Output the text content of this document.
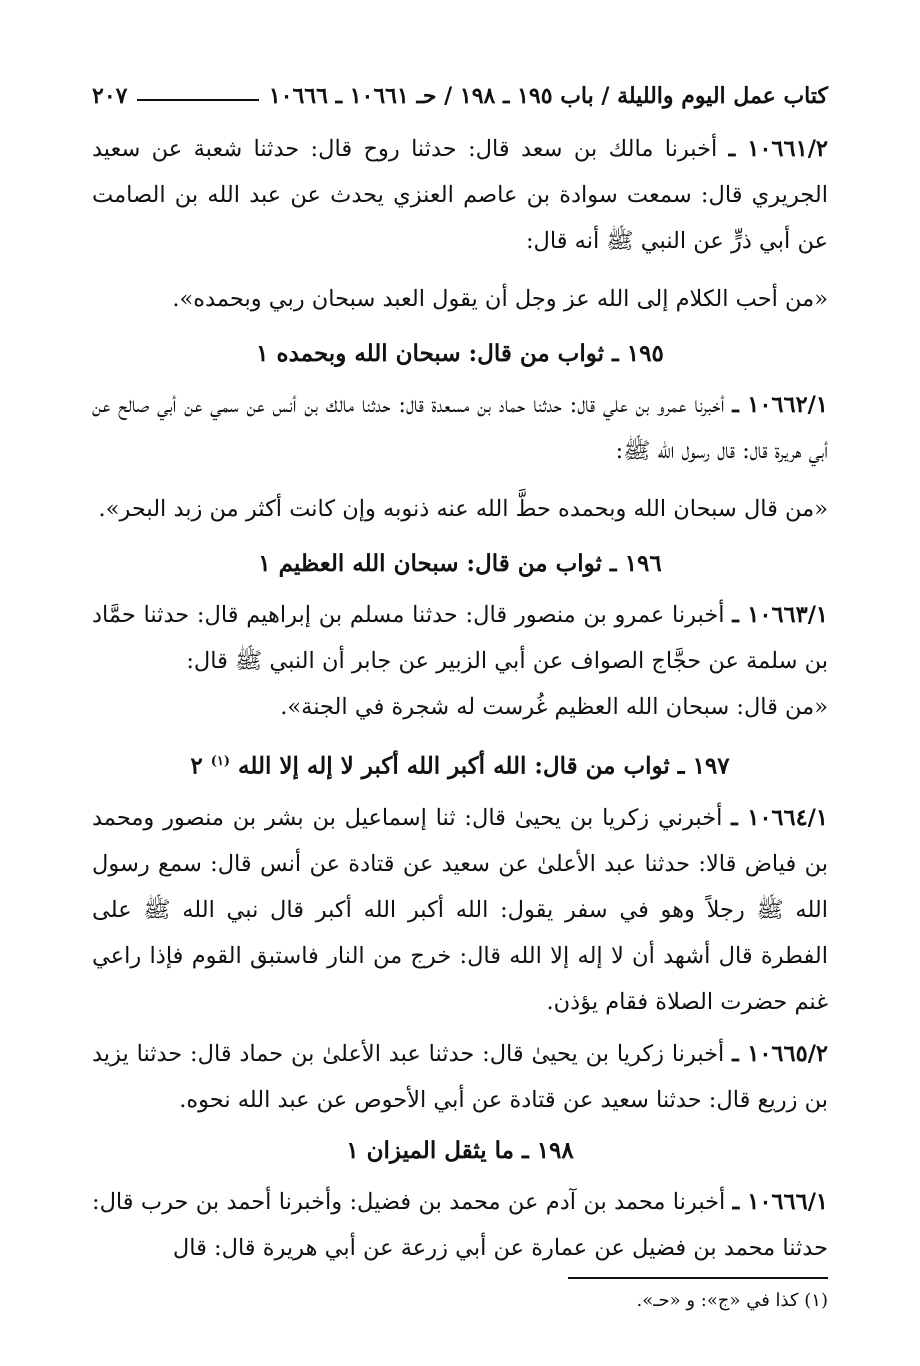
كتاب عمل اليوم والليلة / باب ١٩٥ ـ ١٩٨ / حـ ١٠٦٦١ ـ ١٠٦٦٦
٢٠٧

١٠٦٦١/٢ ـ أخبرنا مالك بن سعد قال: حدثنا روح قال: حدثنا شعبة عن سعيد الجريري قال: سمعت سوادة بن عاصم العنزي يحدث عن عبد الله بن الصامت عن أبي ذرٍّ عن النبي ﷺ أنه قال:

«من أحب الكلام إلى الله عز وجل أن يقول العبد سبحان ربي وبحمده».

١٩٥ ـ ثواب من قال: سبحان الله وبحمده ١

١٠٦٦٢/١ ـ أخبرنا عمرو بن علي قال: حدثنا حماد بن مسعدة قال: حدثنا مالك بن أنس عن سمي عن أبي صالح عن أبي هريرة قال: قال رسول الله ﷺ:

«من قال سبحان الله وبحمده حطَّ الله عنه ذنوبه وإن كانت أكثر من زبد البحر».

١٩٦ ـ ثواب من قال: سبحان الله العظيم ١

١٠٦٦٣/١ ـ أخبرنا عمرو بن منصور قال: حدثنا مسلم بن إبراهيم قال: حدثنا حمَّاد بن سلمة عن حجَّاج الصواف عن أبي الزبير عن جابر أن النبي ﷺ قال:

«من قال: سبحان الله العظيم غُرست له شجرة في الجنة».

١٩٧ ـ ثواب من قال: الله أكبر الله أكبر لا إله إلا الله $^{(١)}$ ٢

١٠٦٦٤/١ ـ أخبرني زكريا بن يحيىٰ قال: ثنا إسماعيل بن بشر بن منصور ومحمد بن فياض قالا: حدثنا عبد الأعلىٰ عن سعيد عن قتادة عن أنس قال: سمع رسول الله ﷺ رجلاً وهو في سفر يقول: الله أكبر الله أكبر قال نبي الله ﷺ على الفطرة قال أشهد أن لا إله إلا الله قال: خرج من النار فاستبق القوم فإذا راعي غنم حضرت الصلاة فقام يؤذن.

١٠٦٦٥/٢ ـ أخبرنا زكريا بن يحيىٰ قال: حدثنا عبد الأعلىٰ بن حماد قال: حدثنا يزيد بن زريع قال: حدثنا سعيد عن قتادة عن أبي الأحوص عن عبد الله نحوه.

١٩٨ ـ ما يثقل الميزان ١

١٠٦٦٦/١ ـ أخبرنا محمد بن آدم عن محمد بن فضيل: وأخبرنا أحمد بن حرب قال: حدثنا محمد بن فضيل عن عمارة عن أبي زرعة عن أبي هريرة قال: قال

(١) كذا في «ج»: و «حـ».
